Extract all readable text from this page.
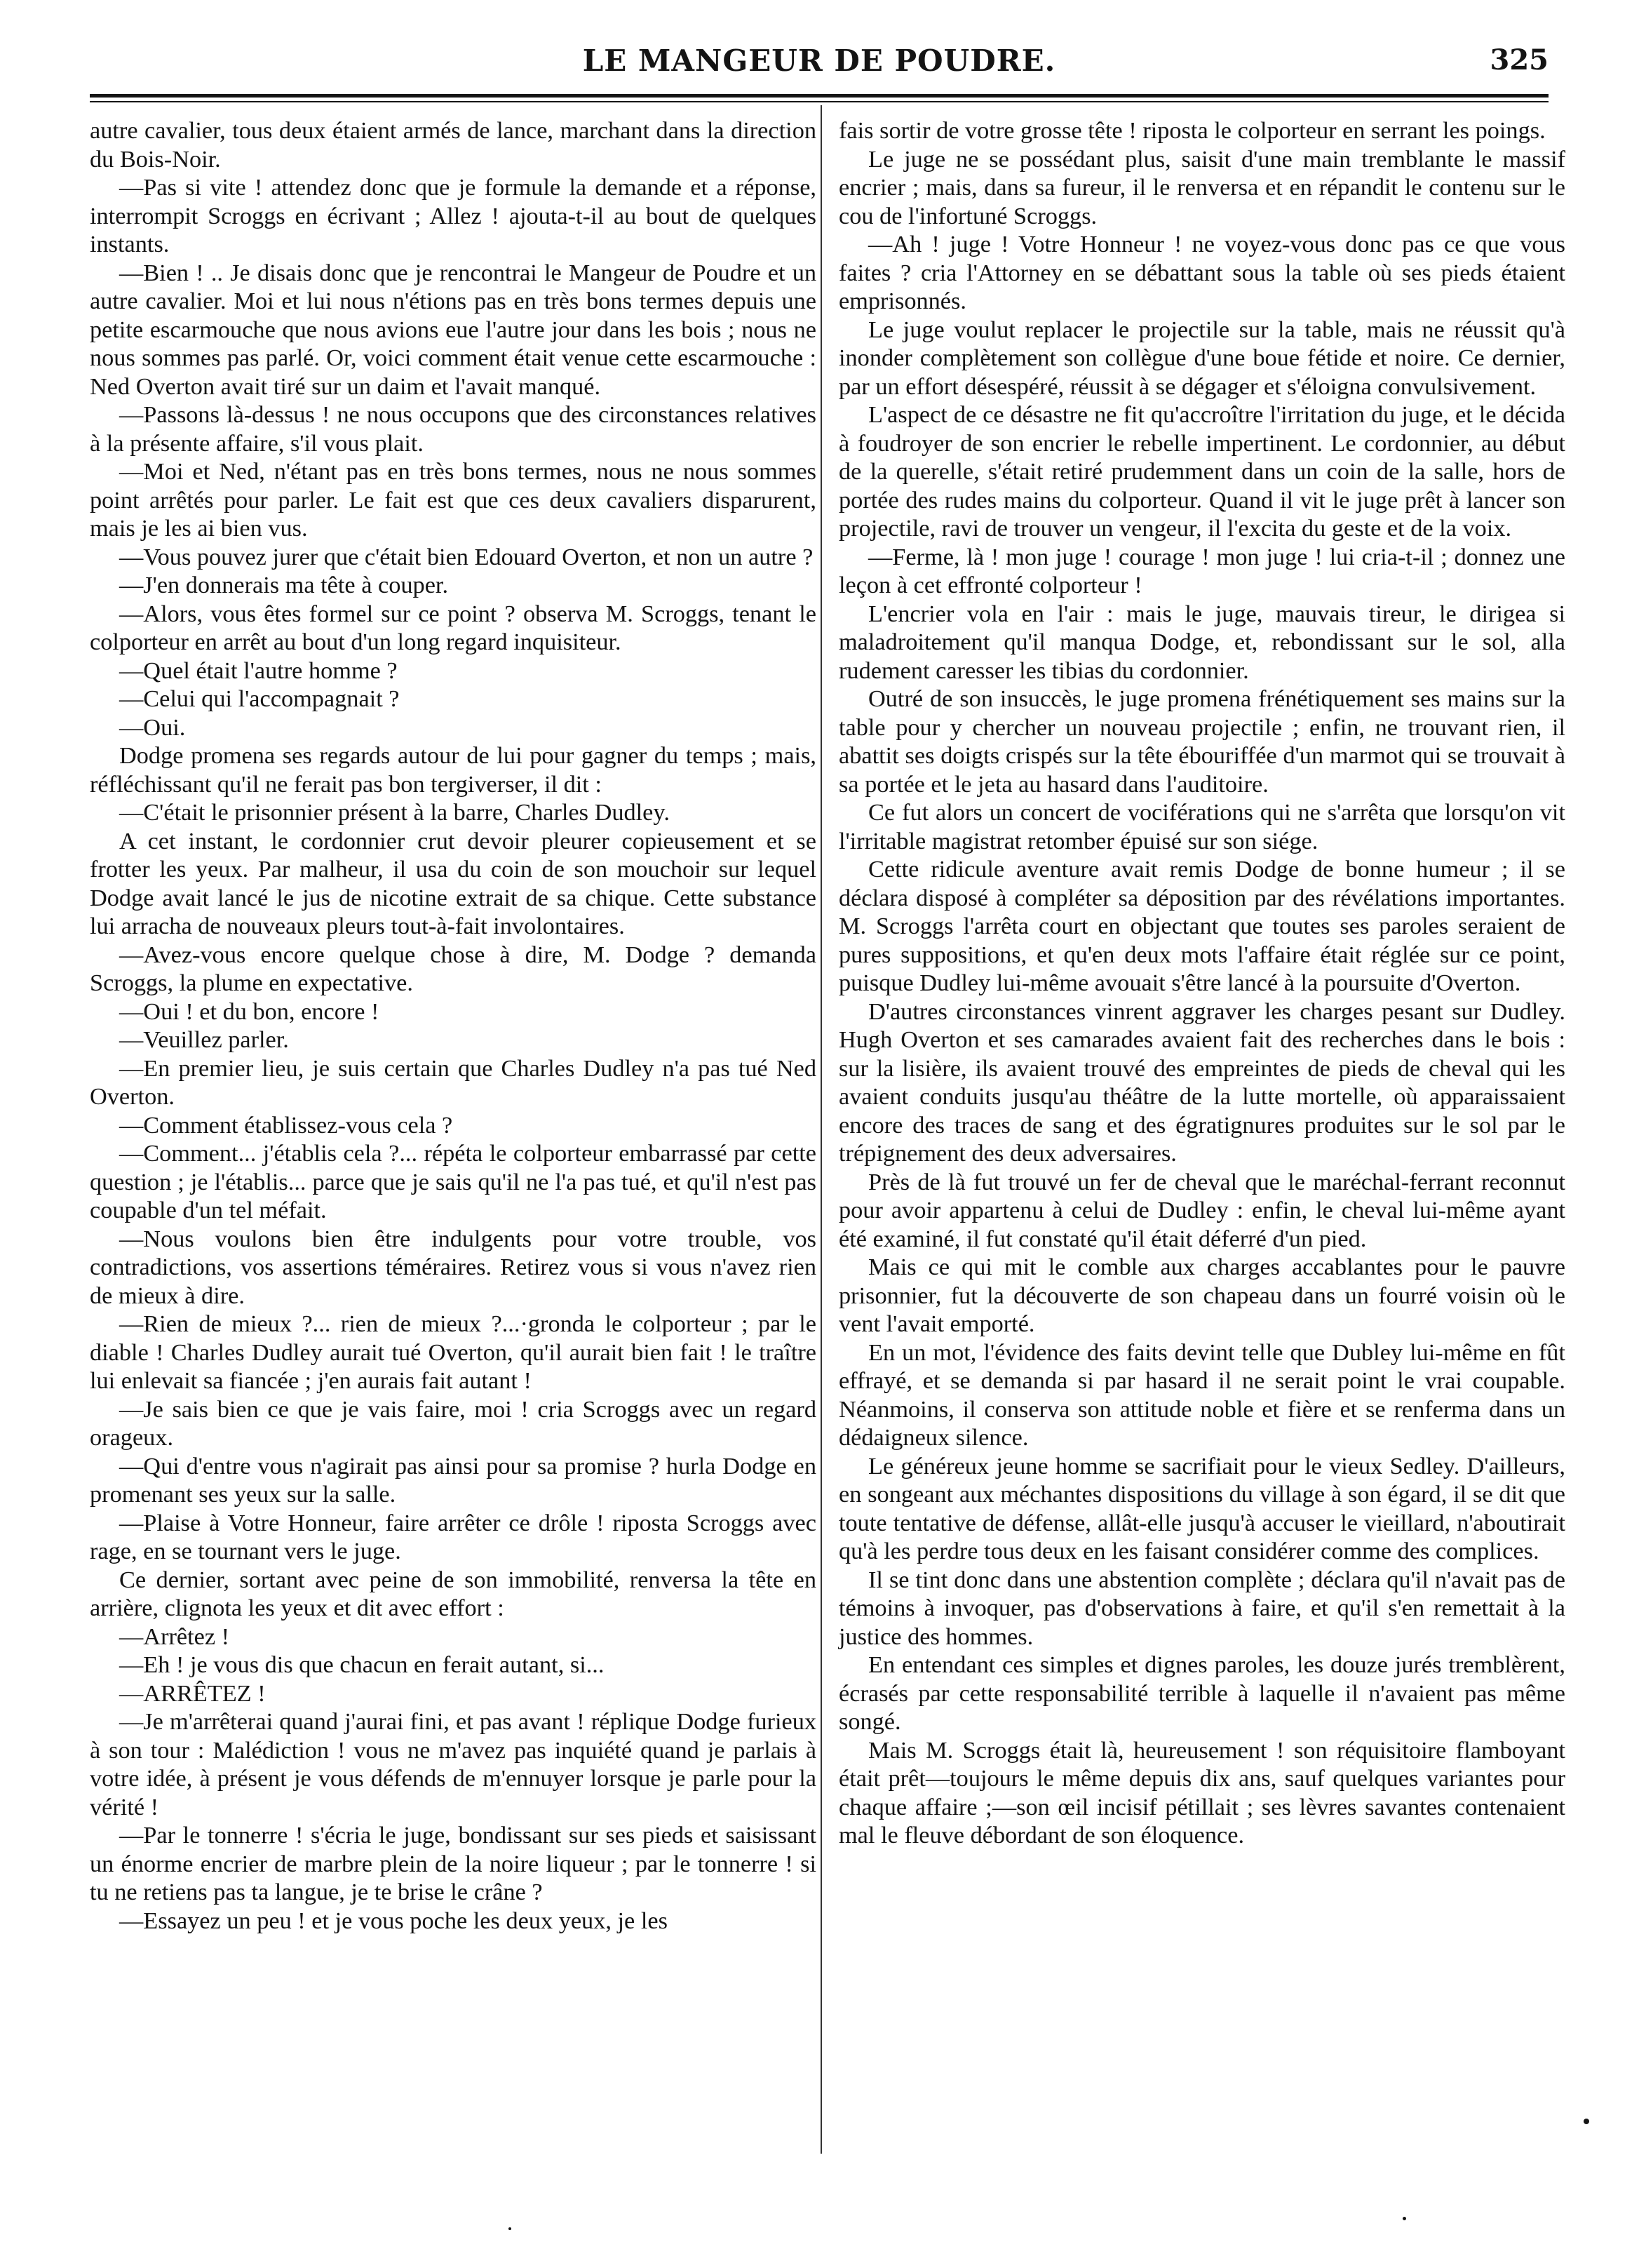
LE MANGEUR DE POUDRE.	325

autre cavalier, tous deux étaient armés de lance, marchant dans la direction du Bois-Noir.

—Pas si vite ! attendez donc que je formule la demande et a réponse, interrompit Scroggs en écrivant ; Allez ! ajouta-t-il au bout de quelques instants.

—Bien ! .. Je disais donc que je rencontrai le Mangeur de Poudre et un autre cavalier. Moi et lui nous n'étions pas en très bons termes depuis une petite escarmouche que nous avions eue l'autre jour dans les bois ; nous ne nous sommes pas parlé. Or, voici comment était venue cette escarmouche : Ned Overton avait tiré sur un daim et l'avait manqué.

—Passons là-dessus ! ne nous occupons que des circonstances relatives à la présente affaire, s'il vous plait.

—Moi et Ned, n'étant pas en très bons termes, nous ne nous sommes point arrêtés pour parler. Le fait est que ces deux cavaliers disparurent, mais je les ai bien vus.

—Vous pouvez jurer que c'était bien Edouard Overton, et non un autre ?

—J'en donnerais ma tête à couper.

—Alors, vous êtes formel sur ce point ? observa M. Scroggs, tenant le colporteur en arrêt au bout d'un long regard inquisiteur.

—Quel était l'autre homme ?

—Celui qui l'accompagnait ?

—Oui.

Dodge promena ses regards autour de lui pour gagner du temps ; mais, réfléchissant qu'il ne ferait pas bon tergiverser, il dit :

—C'était le prisonnier présent à la barre, Charles Dudley.

A cet instant, le cordonnier crut devoir pleurer copieusement et se frotter les yeux. Par malheur, il usa du coin de son mouchoir sur lequel Dodge avait lancé le jus de nicotine extrait de sa chique. Cette substance lui arracha de nouveaux pleurs tout-à-fait involontaires.

—Avez-vous encore quelque chose à dire, M. Dodge ? demanda Scroggs, la plume en expectative.

—Oui ! et du bon, encore !

—Veuillez parler.

—En premier lieu, je suis certain que Charles Dudley n'a pas tué Ned Overton.

—Comment établissez-vous cela ?

—Comment... j'établis cela ?... répéta le colporteur embarrassé par cette question ; je l'établis... parce que je sais qu'il ne l'a pas tué, et qu'il n'est pas coupable d'un tel méfait.

—Nous voulons bien être indulgents pour votre trouble, vos contradictions, vos assertions téméraires. Retirez vous si vous n'avez rien de mieux à dire.

—Rien de mieux ?... rien de mieux ?...·gronda le colporteur ; par le diable ! Charles Dudley aurait tué Overton, qu'il aurait bien fait ! le traître lui enlevait sa fiancée ; j'en aurais fait autant !

—Je sais bien ce que je vais faire, moi ! cria Scroggs avec un regard orageux.

—Qui d'entre vous n'agirait pas ainsi pour sa promise ? hurla Dodge en promenant ses yeux sur la salle.

—Plaise à Votre Honneur, faire arrêter ce drôle ! riposta Scroggs avec rage, en se tournant vers le juge.

Ce dernier, sortant avec peine de son immobilité, renversa la tête en arrière, clignota les yeux et dit avec effort :

—Arrêtez !

—Eh ! je vous dis que chacun en ferait autant, si...

—ARRÊTEZ !

—Je m'arrêterai quand j'aurai fini, et pas avant ! réplique Dodge furieux à son tour : Malédiction ! vous ne m'avez pas inquiété quand je parlais à votre idée, à présent je vous défends de m'ennuyer lorsque je parle pour la vérité !

—Par le tonnerre ! s'écria le juge, bondissant sur ses pieds et saisissant un énorme encrier de marbre plein de la noire liqueur ; par le tonnerre ! si tu ne retiens pas ta langue, je te brise le crâne ?

—Essayez un peu ! et je vous poche les deux yeux, je les

fais sortir de votre grosse tête ! riposta le colporteur en serrant les poings.

Le juge ne se possédant plus, saisit d'une main tremblante le massif encrier ; mais, dans sa fureur, il le renversa et en répandit le contenu sur le cou de l'infortuné Scroggs.

—Ah ! juge ! Votre Honneur ! ne voyez-vous donc pas ce que vous faites ? cria l'Attorney en se débattant sous la table où ses pieds étaient emprisonnés.

Le juge voulut replacer le projectile sur la table, mais ne réussit qu'à inonder complètement son collègue d'une boue fétide et noire. Ce dernier, par un effort désespéré, réussit à se dégager et s'éloigna convulsivement.

L'aspect de ce désastre ne fit qu'accroître l'irritation du juge, et le décida à foudroyer de son encrier le rebelle impertinent. Le cordonnier, au début de la querelle, s'était retiré prudemment dans un coin de la salle, hors de portée des rudes mains du colporteur. Quand il vit le juge prêt à lancer son projectile, ravi de trouver un vengeur, il l'excita du geste et de la voix.

—Ferme, là ! mon juge ! courage ! mon juge ! lui cria-t-il ; donnez une leçon à cet effronté colporteur !

L'encrier vola en l'air : mais le juge, mauvais tireur, le dirigea si maladroitement qu'il manqua Dodge, et, rebondissant sur le sol, alla rudement caresser les tibias du cordonnier.

Outré de son insuccès, le juge promena frénétiquement ses mains sur la table pour y chercher un nouveau projectile ; enfin, ne trouvant rien, il abattit ses doigts crispés sur la tête ébouriffée d'un marmot qui se trouvait à sa portée et le jeta au hasard dans l'auditoire.

Ce fut alors un concert de vociférations qui ne s'arrêta que lorsqu'on vit l'irritable magistrat retomber épuisé sur son siége.

Cette ridicule aventure avait remis Dodge de bonne humeur ; il se déclara disposé à compléter sa déposition par des révélations importantes. M. Scroggs l'arrêta court en objectant que toutes ses paroles seraient de pures suppositions, et qu'en deux mots l'affaire était réglée sur ce point, puisque Dudley lui-même avouait s'être lancé à la poursuite d'Overton.

D'autres circonstances vinrent aggraver les charges pesant sur Dudley. Hugh Overton et ses camarades avaient fait des recherches dans le bois : sur la lisière, ils avaient trouvé des empreintes de pieds de cheval qui les avaient conduits jusqu'au théâtre de la lutte mortelle, où apparaissaient encore des traces de sang et des égratignures produites sur le sol par le trépignement des deux adversaires.

Près de là fut trouvé un fer de cheval que le maréchal-ferrant reconnut pour avoir appartenu à celui de Dudley : enfin, le cheval lui-même ayant été examiné, il fut constaté qu'il était déferré d'un pied.

Mais ce qui mit le comble aux charges accablantes pour le pauvre prisonnier, fut la découverte de son chapeau dans un fourré voisin où le vent l'avait emporté.

En un mot, l'évidence des faits devint telle que Dubley lui-même en fût effrayé, et se demanda si par hasard il ne serait point le vrai coupable. Néanmoins, il conserva son attitude noble et fière et se renferma dans un dédaigneux silence.

Le généreux jeune homme se sacrifiait pour le vieux Sedley. D'ailleurs, en songeant aux méchantes dispositions du village à son égard, il se dit que toute tentative de défense, allât-elle jusqu'à accuser le vieillard, n'aboutirait qu'à les perdre tous deux en les faisant considérer comme des complices.

Il se tint donc dans une abstention complète ; déclara qu'il n'avait pas de témoins à invoquer, pas d'observations à faire, et qu'il s'en remettait à la justice des hommes.

En entendant ces simples et dignes paroles, les douze jurés tremblèrent, écrasés par cette responsabilité terrible à laquelle il n'avaient pas même songé.

Mais M. Scroggs était là, heureusement ! son réquisitoire flamboyant était prêt—toujours le même depuis dix ans, sauf quelques variantes pour chaque affaire ;—son œil incisif pétillait ; ses lèvres savantes contenaient mal le fleuve débordant de son éloquence.
